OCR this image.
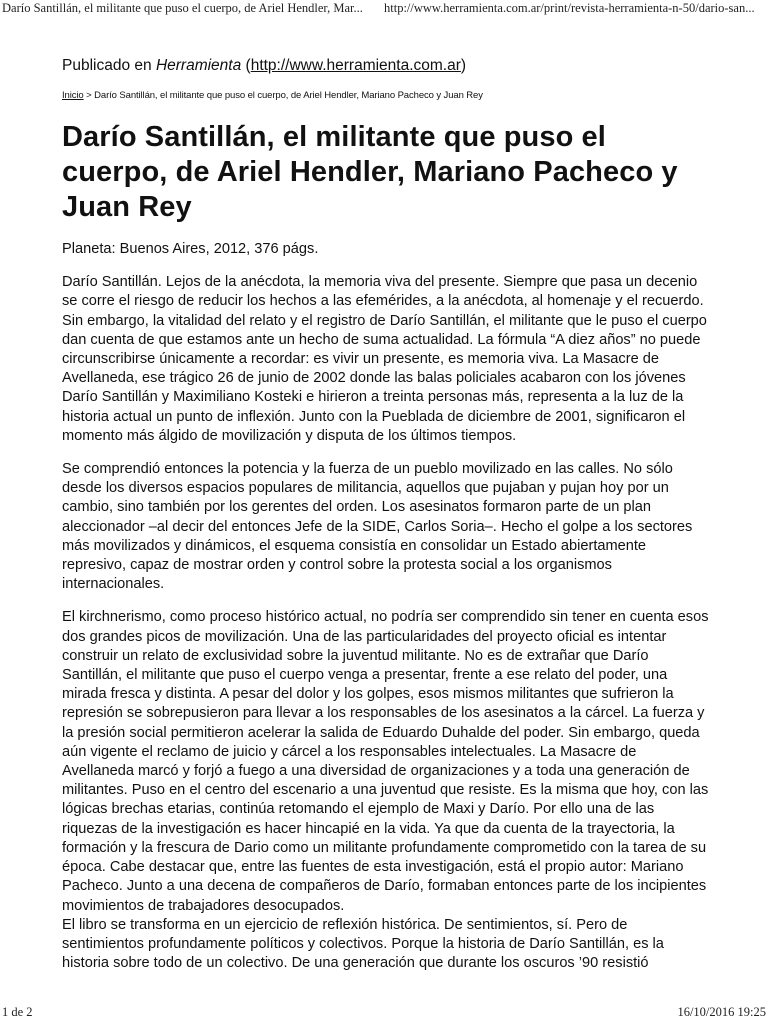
Darío Santillán, el militante que puso el cuerpo, de Ariel Hendler, Mar... http://www.herramienta.com.ar/print/revista-herramienta-n-50/dario-san...
Publicado en Herramienta (http://www.herramienta.com.ar)
Inicio > Darío Santillán, el militante que puso el cuerpo, de Ariel Hendler, Mariano Pacheco y Juan Rey
Darío Santillán, el militante que puso el cuerpo, de Ariel Hendler, Mariano Pacheco y Juan Rey

Planeta: Buenos Aires, 2012, 376 págs.

Darío Santillán. Lejos de la anécdota, la memoria viva del presente. Siempre que pasa un decenio se corre el riesgo de reducir los hechos a las efemérides, a la anécdota, al homenaje y el recuerdo. Sin embargo, la vitalidad del relato y el registro de Darío Santillán, el militante que le puso el cuerpo dan cuenta de que estamos ante un hecho de suma actualidad. La fórmula “A diez años” no puede circunscribirse únicamente a recordar: es vivir un presente, es memoria viva. La Masacre de Avellaneda, ese trágico 26 de junio de 2002 donde las balas policiales acabaron con los jóvenes Darío Santillán y Maximiliano Kosteki e hirieron a treinta personas más, representa a la luz de la historia actual un punto de inflexión. Junto con la Pueblada de diciembre de 2001, significaron el momento más álgido de movilización y disputa de los últimos tiempos.

Se comprendió entonces la potencia y la fuerza de un pueblo movilizado en las calles. No sólo desde los diversos espacios populares de militancia, aquellos que pujaban y pujan hoy por un cambio, sino también por los gerentes del orden. Los asesinatos formaron parte de un plan aleccionador –al decir del entonces Jefe de la SIDE, Carlos Soria–. Hecho el golpe a los sectores más movilizados y dinámicos, el esquema consistía en consolidar un Estado abiertamente represivo, capaz de mostrar orden y control sobre la protesta social a los organismos internacionales.

El kirchnerismo, como proceso histórico actual, no podría ser comprendido sin tener en cuenta esos dos grandes picos de movilización. Una de las particularidades del proyecto oficial es intentar construir un relato de exclusividad sobre la juventud militante. No es de extrañar que Darío Santillán, el militante que puso el cuerpo venga a presentar, frente a ese relato del poder, una mirada fresca y distinta. A pesar del dolor y los golpes, esos mismos militantes que sufrieron la represión se sobrepusieron para llevar a los responsables de los asesinatos a la cárcel. La fuerza y la presión social permitieron acelerar la salida de Eduardo Duhalde del poder. Sin embargo, queda aún vigente el reclamo de juicio y cárcel a los responsables intelectuales. La Masacre de Avellaneda marcó y forjó a fuego a una diversidad de organizaciones y a toda una generación de militantes. Puso en el centro del escenario a una juventud que resiste. Es la misma que hoy, con las lógicas brechas etarias, continúa retomando el ejemplo de Maxi y Darío. Por ello una de las riquezas de la investigación es hacer hincapié en la vida. Ya que da cuenta de la trayectoria, la formación y la frescura de Dario como un militante profundamente comprometido con la tarea de su época. Cabe destacar que, entre las fuentes de esta investigación, está el propio autor: Mariano Pacheco. Junto a una decena de compañeros de Darío, formaban entonces parte de los incipientes movimientos de trabajadores desocupados.

El libro se transforma en un ejercicio de reflexión histórica. De sentimientos, sí. Pero de sentimientos profundamente políticos y colectivos. Porque la historia de Darío Santillán, es la historia sobre todo de un colectivo. De una generación que durante los oscuros ’90 resistió

1 de 2	16/10/2016 19:25
